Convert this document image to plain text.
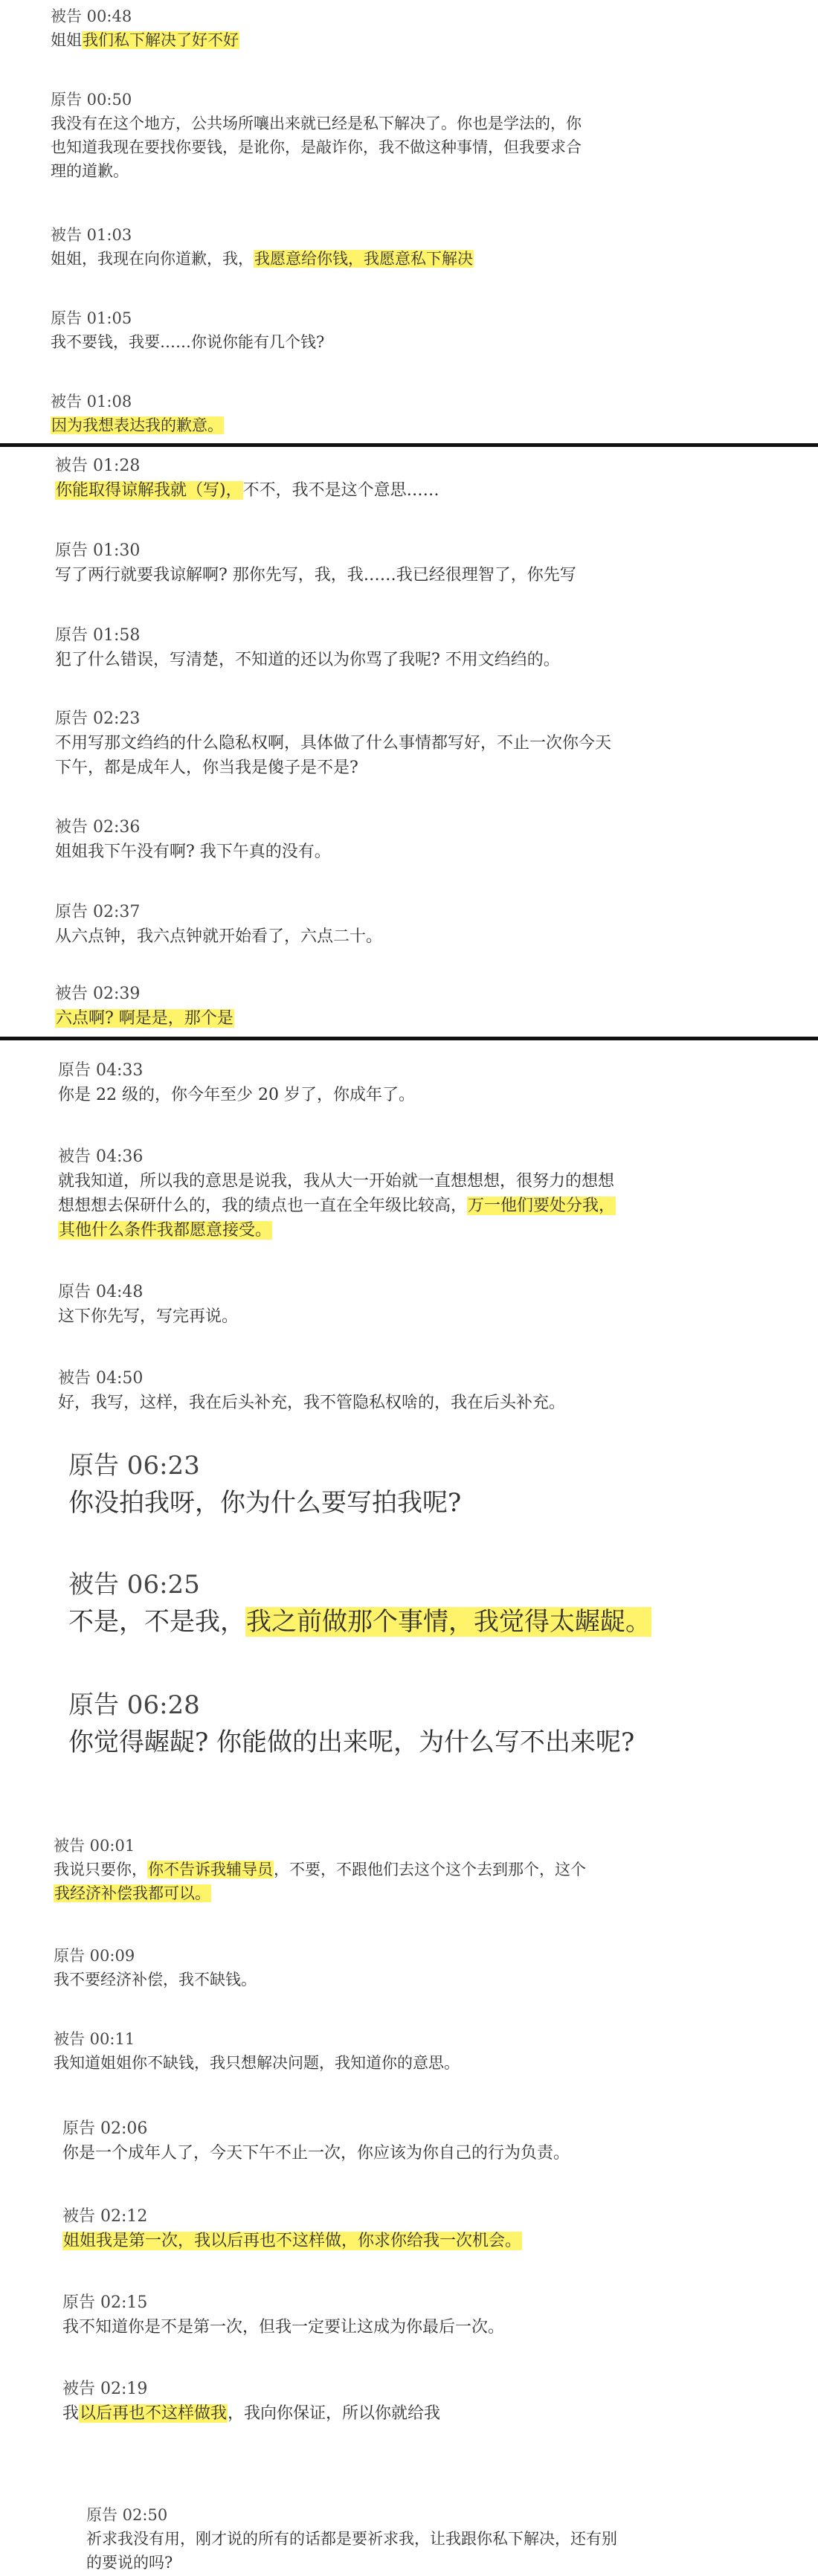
被告 00:48

姐姐我们私下解决了好不好

原告 00:50

我没有在这个地方，公共场所嚷出来就已经是私下解决了。你也是学法的，你

也知道我现在要找你要钱，是讹你，是敲诈你，我不做这种事情，但我要求合

理的道歉。

被告 01:03

姐姐，我现在向你道歉，我，我愿意给你钱，我愿意私下解决

原告 01:05

我不要钱，我要……你说你能有几个钱?

被告 01:08

因为我想表达我的歉意。

被告 01:28

你能取得谅解我就（写)，不不，我不是这个意思……

原告 01:30

写了两行就要我谅解啊? 那你先写，我，我……我已经很理智了，你先写

原告 01:58

犯了什么错误，写清楚，不知道的还以为你骂了我呢? 不用文绉绉的。

原告 02:23

不用写那文绉绉的什么隐私权啊，具体做了什么事情都写好，不止一次你今天

下午，都是成年人，你当我是傻子是不是?

被告 02:36

姐姐我下午没有啊? 我下午真的没有。

原告 02:37

从六点钟，我六点钟就开始看了，六点二十。

被告 02:39

六点啊? 啊是是，那个是

原告 04:33

你是 22 级的，你今年至少 20 岁了，你成年了。

被告 04:36

就我知道，所以我的意思是说我，我从大一开始就一直想想想，很努力的想想

想想想去保研什么的，我的绩点也一直在全年级比较高，万一他们要处分我，

其他什么条件我都愿意接受。

原告 04:48

这下你先写，写完再说。

被告 04:50

好，我写，这样，我在后头补充，我不管隐私权啥的，我在后头补充。

原告 06:23

你没拍我呀，你为什么要写拍我呢?

被告 06:25

不是，不是我，我之前做那个事情，我觉得太龌龊。

原告 06:28

你觉得龌龊? 你能做的出来呢，为什么写不出来呢?

被告 00:01

我说只要你，你不告诉我辅导员，不要，不跟他们去这个这个去到那个，这个

我经济补偿我都可以。

原告 00:09

我不要经济补偿，我不缺钱。

被告 00:11

我知道姐姐你不缺钱，我只想解决问题，我知道你的意思。

原告 02:06

你是一个成年人了，今天下午不止一次，你应该为你自己的行为负责。

被告 02:12

姐姐我是第一次，我以后再也不这样做，你求你给我一次机会。

原告 02:15

我不知道你是不是第一次，但我一定要让这成为你最后一次。

被告 02:19

我以后再也不这样做我，我向你保证，所以你就给我

原告 02:50

祈求我没有用，刚才说的所有的话都是要祈求我，让我跟你私下解决，还有别

的要说的吗?
